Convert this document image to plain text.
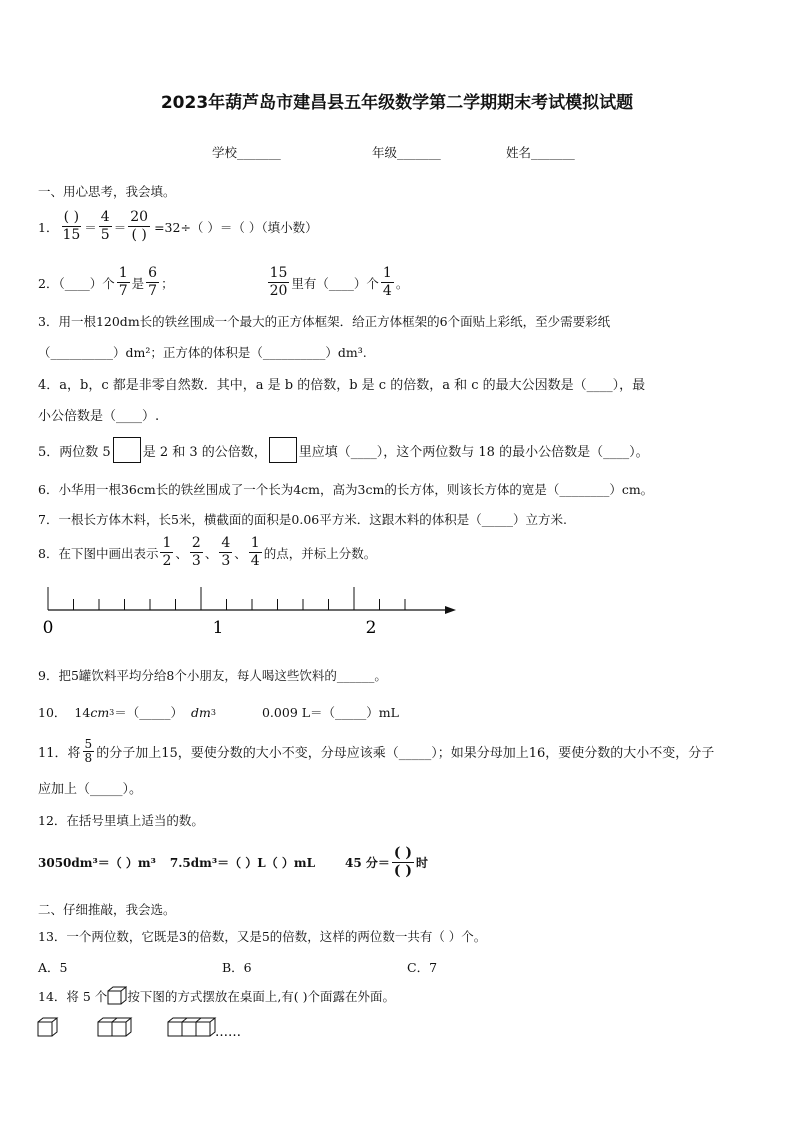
2023年葫芦岛市建昌县五年级数学第二学期期末考试模拟试题
学校_______	年级_______	姓名_______
一、用心思考，我会填。
1． $\frac{( )}{15} = \frac{4}{5} = \frac{20}{( )} =32\div$（ ）＝（ ）（填小数）
2．（____）个 $\frac{1}{7}$ 是 $\frac{6}{7}$ ；	$\frac{15}{20}$ 里有（____）个 $\frac{1}{4}$ 。
3．用一根120dm长的铁丝围成一个最大的正方体框架．给正方体框架的6个面贴上彩纸，至少需要彩纸
（__________）dm²；正方体的体积是（__________）dm³.
4．a，b，c 都是非零自然数．其中，a 是 b 的倍数，b 是 c 的倍数，a 和 c 的最大公因数是（____），最
小公倍数是（____）.
5．两位数 5 是 2 和 3 的公倍数， 里应填（____），这个两位数与 18 的最小公倍数是（____）。
6．小华用一根36cm长的铁丝围成了一个长为4cm，高为3cm的长方体，则该长方体的宽是（________）cm。
7．一根长方体木料，长5米，横截面的面积是0.06平方米．这跟木料的体积是（_____）立方米.
8．在下图中画出表示 $\frac{1}{2}$ 、 $\frac{2}{3}$ 、 $\frac{4}{3}$ 、 $\frac{1}{4}$ 的点，并标上分数。
0	1	2
9．把5罐饮料平均分给8个小朋友，每人喝这些饮料的______。
10． 14 cm 3 ＝（_____） dm 3	0.009 L＝（_____）mL
11．将 $\frac{5}{8}$ 的分子加上15，要使分数的大小不变，分母应该乘（_____）；如果分母加上16，要使分数的大小不变，分子
应加上（_____）。
12．在括号里填上适当的数。
3050dm³＝（ ）m³ 7.5dm³＝（ ）L（ ）mL	45 分＝ $\frac{( )}{( )}$ 时
二、仔细推敲，我会选。
13．一个两位数，它既是3的倍数，又是5的倍数，这样的两位数一共有（ ）个。
A．5	B．6	C．7
14．将 5 个 按下图的方式摆放在桌面上,有( )个面露在外面。
……
